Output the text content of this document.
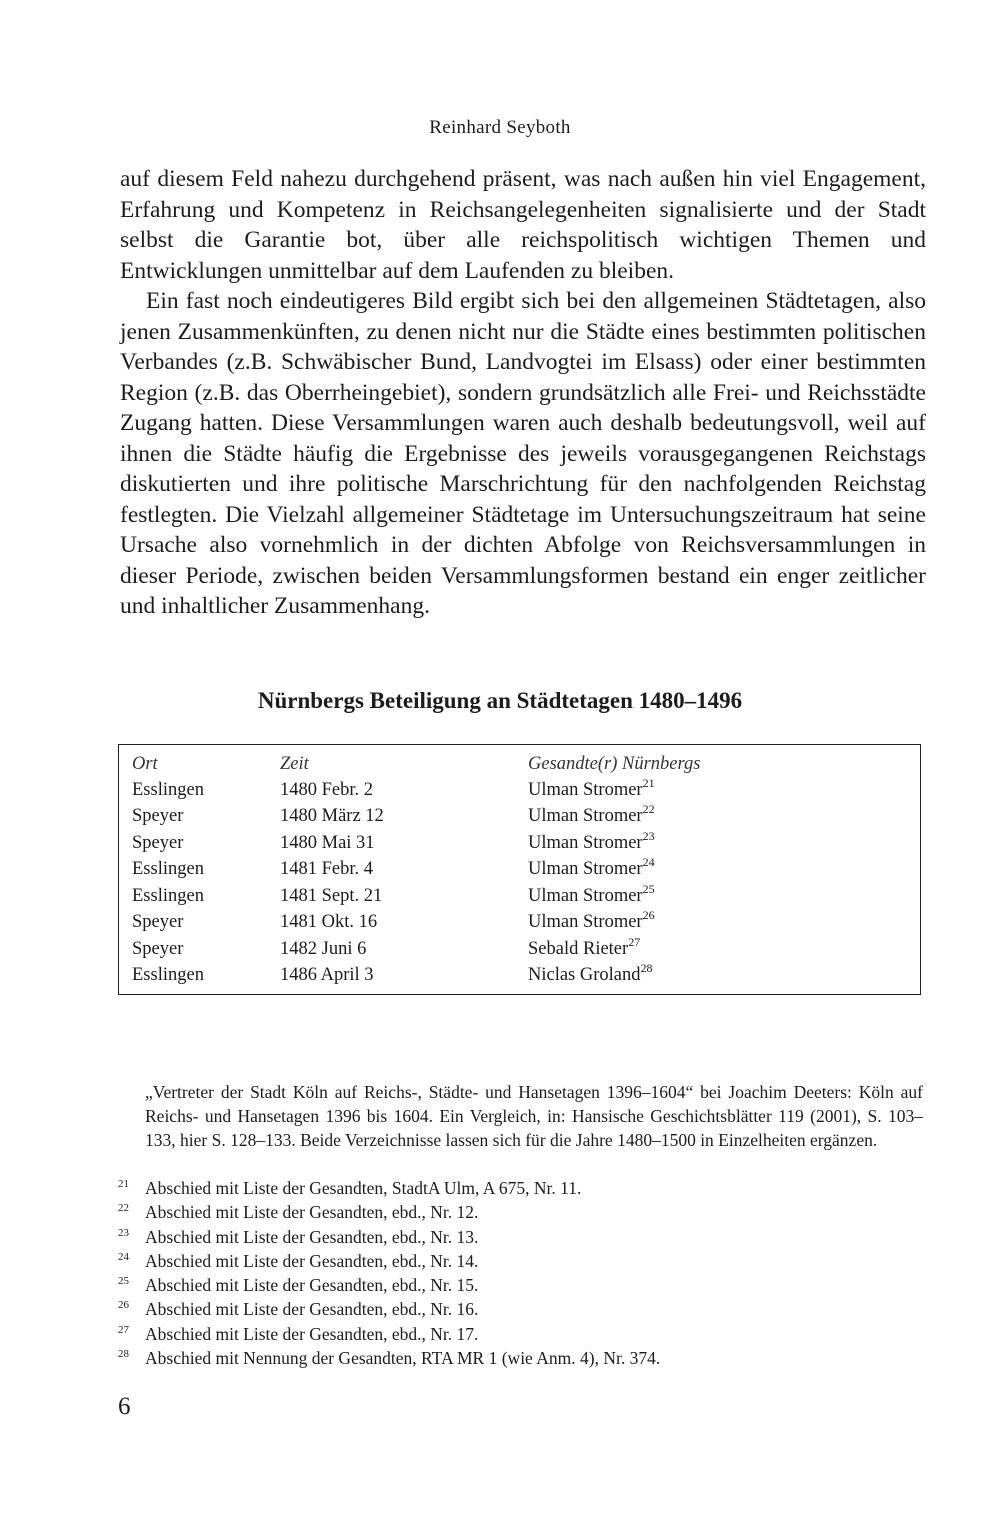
Reinhard Seyboth

auf diesem Feld nahezu durchgehend präsent, was nach außen hin viel Engagement, Erfahrung und Kompetenz in Reichsangelegenheiten signalisierte und der Stadt selbst die Garantie bot, über alle reichspolitisch wichtigen Themen und Entwicklungen unmittelbar auf dem Laufenden zu bleiben.

Ein fast noch eindeutigeres Bild ergibt sich bei den allgemeinen Städtetagen, also jenen Zusammenkünften, zu denen nicht nur die Städte eines bestimmten politischen Verbandes (z.B. Schwäbischer Bund, Landvogtei im Elsass) oder einer bestimmten Region (z.B. das Oberrheingebiet), sondern grundsätzlich alle Frei- und Reichsstädte Zugang hatten. Diese Versammlungen waren auch deshalb bedeutungsvoll, weil auf ihnen die Städte häufig die Ergebnisse des jeweils vorausgegangenen Reichstags diskutierten und ihre politische Marschrichtung für den nachfolgenden Reichstag festlegten. Die Vielzahl allgemeiner Städtetage im Untersuchungszeitraum hat seine Ursache also vornehmlich in der dichten Abfolge von Reichsversammlungen in dieser Periode, zwischen beiden Versammlungsformen bestand ein enger zeitlicher und inhaltlicher Zusammenhang.

Nürnbergs Beteiligung an Städtetagen 1480–1496
Ort	Zeit	Gesandte(r) Nürnbergs
Esslingen	1480 Febr. 2	Ulman Stromer$^{21}$
Speyer	1480 März 12	Ulman Stromer$^{22}$
Speyer	1480 Mai 31	Ulman Stromer$^{23}$
Esslingen	1481 Febr. 4	Ulman Stromer$^{24}$
Esslingen	1481 Sept. 21	Ulman Stromer$^{25}$
Speyer	1481 Okt. 16	Ulman Stromer$^{26}$
Speyer	1482 Juni 6	Sebald Rieter$^{27}$
Esslingen	1486 April 3	Niclas Groland$^{28}$
„Vertreter der Stadt Köln auf Reichs-, Städte- und Hansetagen 1396–1604“ bei Joachim Deeters: Köln auf Reichs- und Hansetagen 1396 bis 1604. Ein Vergleich, in: Hansische Geschichtsblätter 119 (2001), S. 103–133, hier S. 128–133. Beide Verzeichnisse lassen sich für die Jahre 1480–1500 in Einzelheiten ergänzen.
21 Abschied mit Liste der Gesandten, StadtA Ulm, A 675, Nr. 11.
22 Abschied mit Liste der Gesandten, ebd., Nr. 12.
23 Abschied mit Liste der Gesandten, ebd., Nr. 13.
24 Abschied mit Liste der Gesandten, ebd., Nr. 14.
25 Abschied mit Liste der Gesandten, ebd., Nr. 15.
26 Abschied mit Liste der Gesandten, ebd., Nr. 16.
27 Abschied mit Liste der Gesandten, ebd., Nr. 17.
28 Abschied mit Nennung der Gesandten, RTA MR 1 (wie Anm. 4), Nr. 374.
6
